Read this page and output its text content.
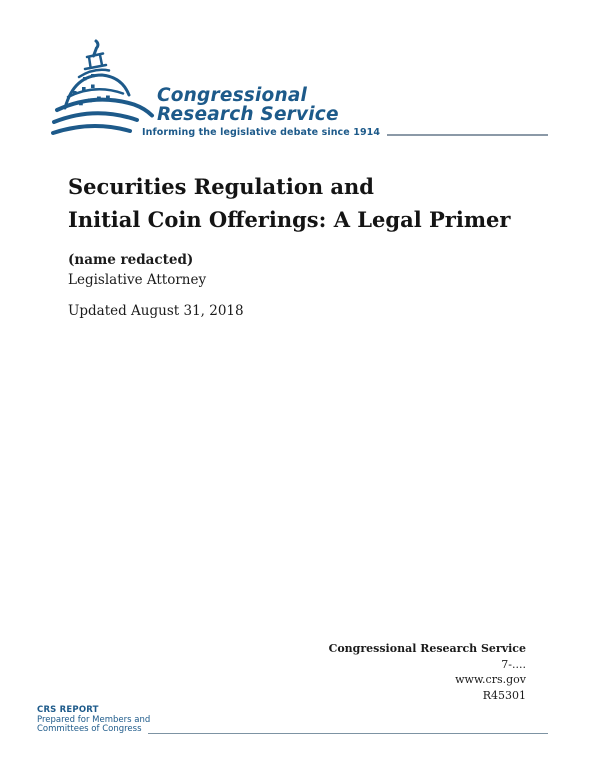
Congressional
Research Service
Informing the legislative debate since 1914
Securities Regulation and
Initial Coin Offerings: A Legal Primer
(name redacted)
Legislative Attorney
Updated August 31, 2018
Congressional Research Service
7-....
www.crs.gov
R45301
CRS REPORT
Prepared for Members and
Committees of Congress
